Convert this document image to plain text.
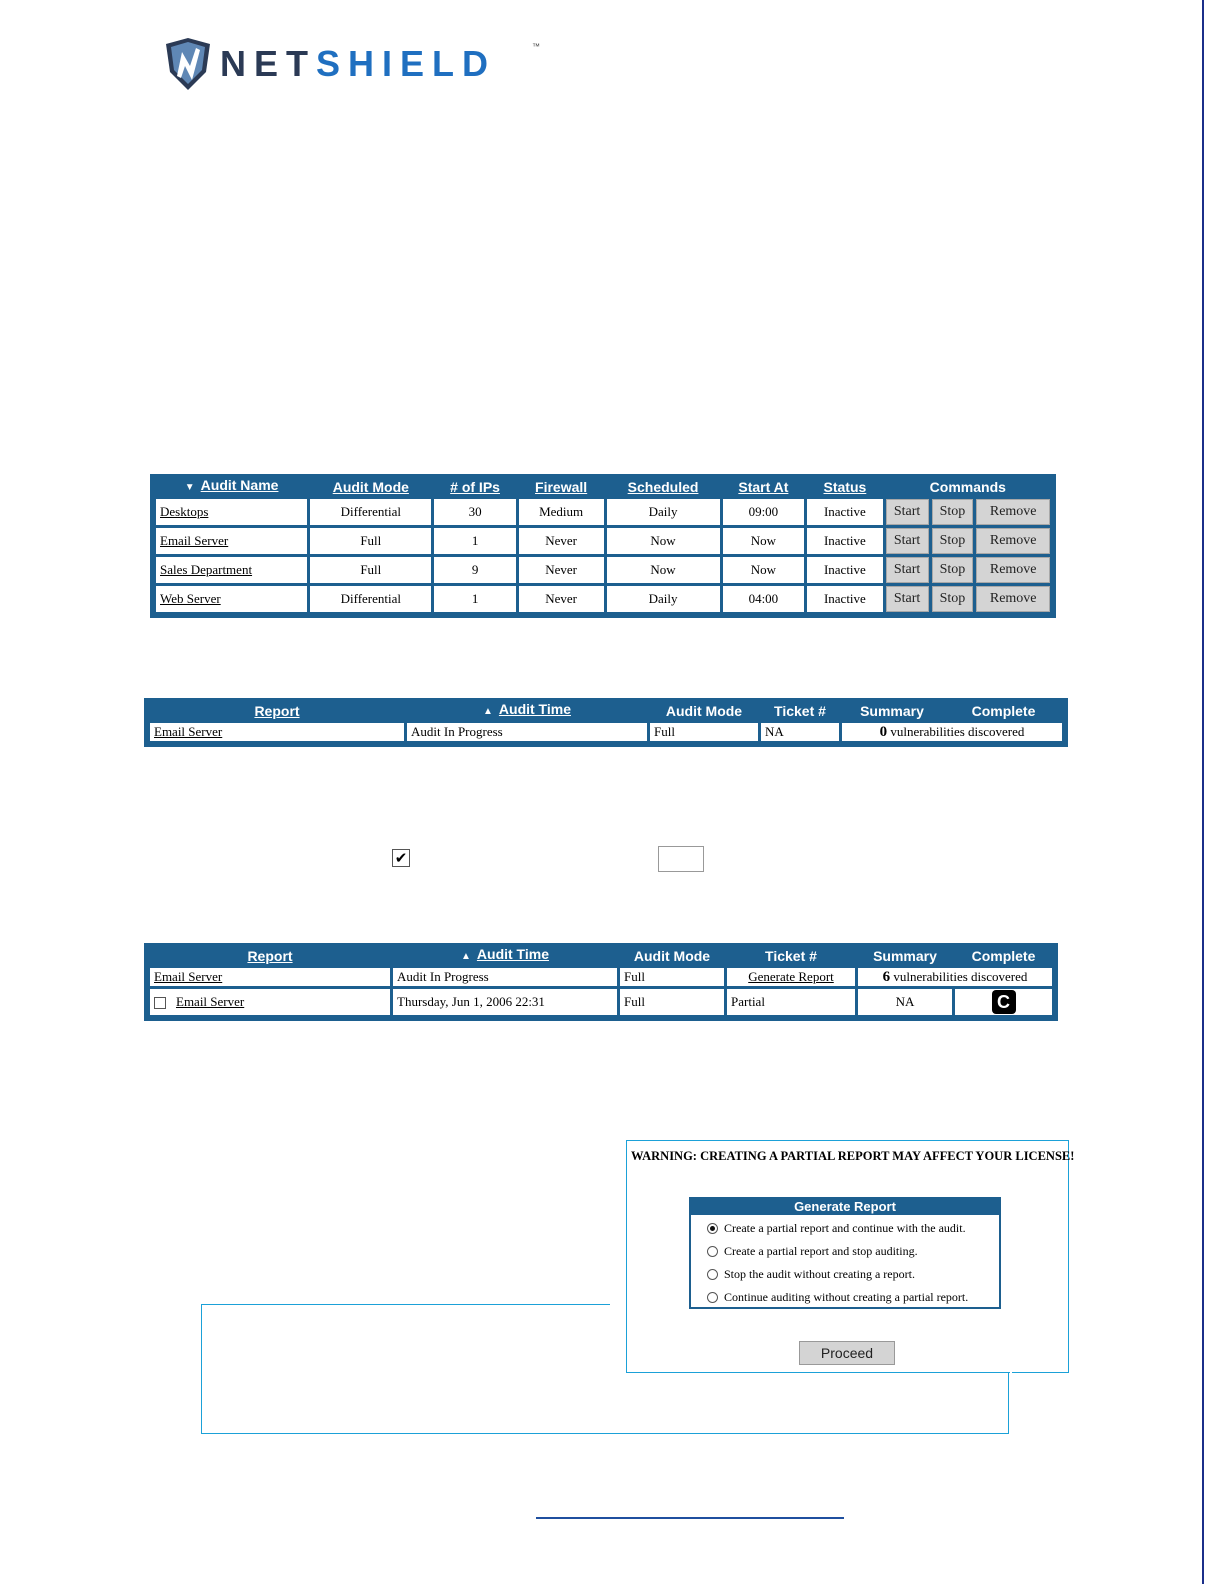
NETSHIELD	™
▼ Audit Name	Audit Mode	# of IPs	Firewall	Scheduled	Start At	Status	Commands		
Desktops	Differential	30	Medium	Daily	09:00	Inactive	Start	Stop	Remove
Email Server	Full	1	Never	Now	Now	Inactive	Start	Stop	Remove
Sales Department	Full	9	Never	Now	Now	Inactive	Start	Stop	Remove
Web Server	Differential	1	Never	Daily	04:00	Inactive	Start	Stop	Remove
Report	▲ Audit Time	Audit Mode	Ticket #	Summary	Complete
Email Server	Audit In Progress	Full	NA	0 vulnerabilities discovered	
✔
Report	▲ Audit Time	Audit Mode	Ticket #	Summary	Complete
Email Server	Audit In Progress	Full	Generate Report	6 vulnerabilities discovered	
Email Server	Thursday, Jun 1, 2006 22:31	Full	Partial	NA	C
WARNING: CREATING A PARTIAL REPORT MAY AFFECT YOUR LICENSE!
Generate Report
Create a partial report and continue with the audit.
Create a partial report and stop auditing.
Stop the audit without creating a report.
Continue auditing without creating a partial report.
Proceed
